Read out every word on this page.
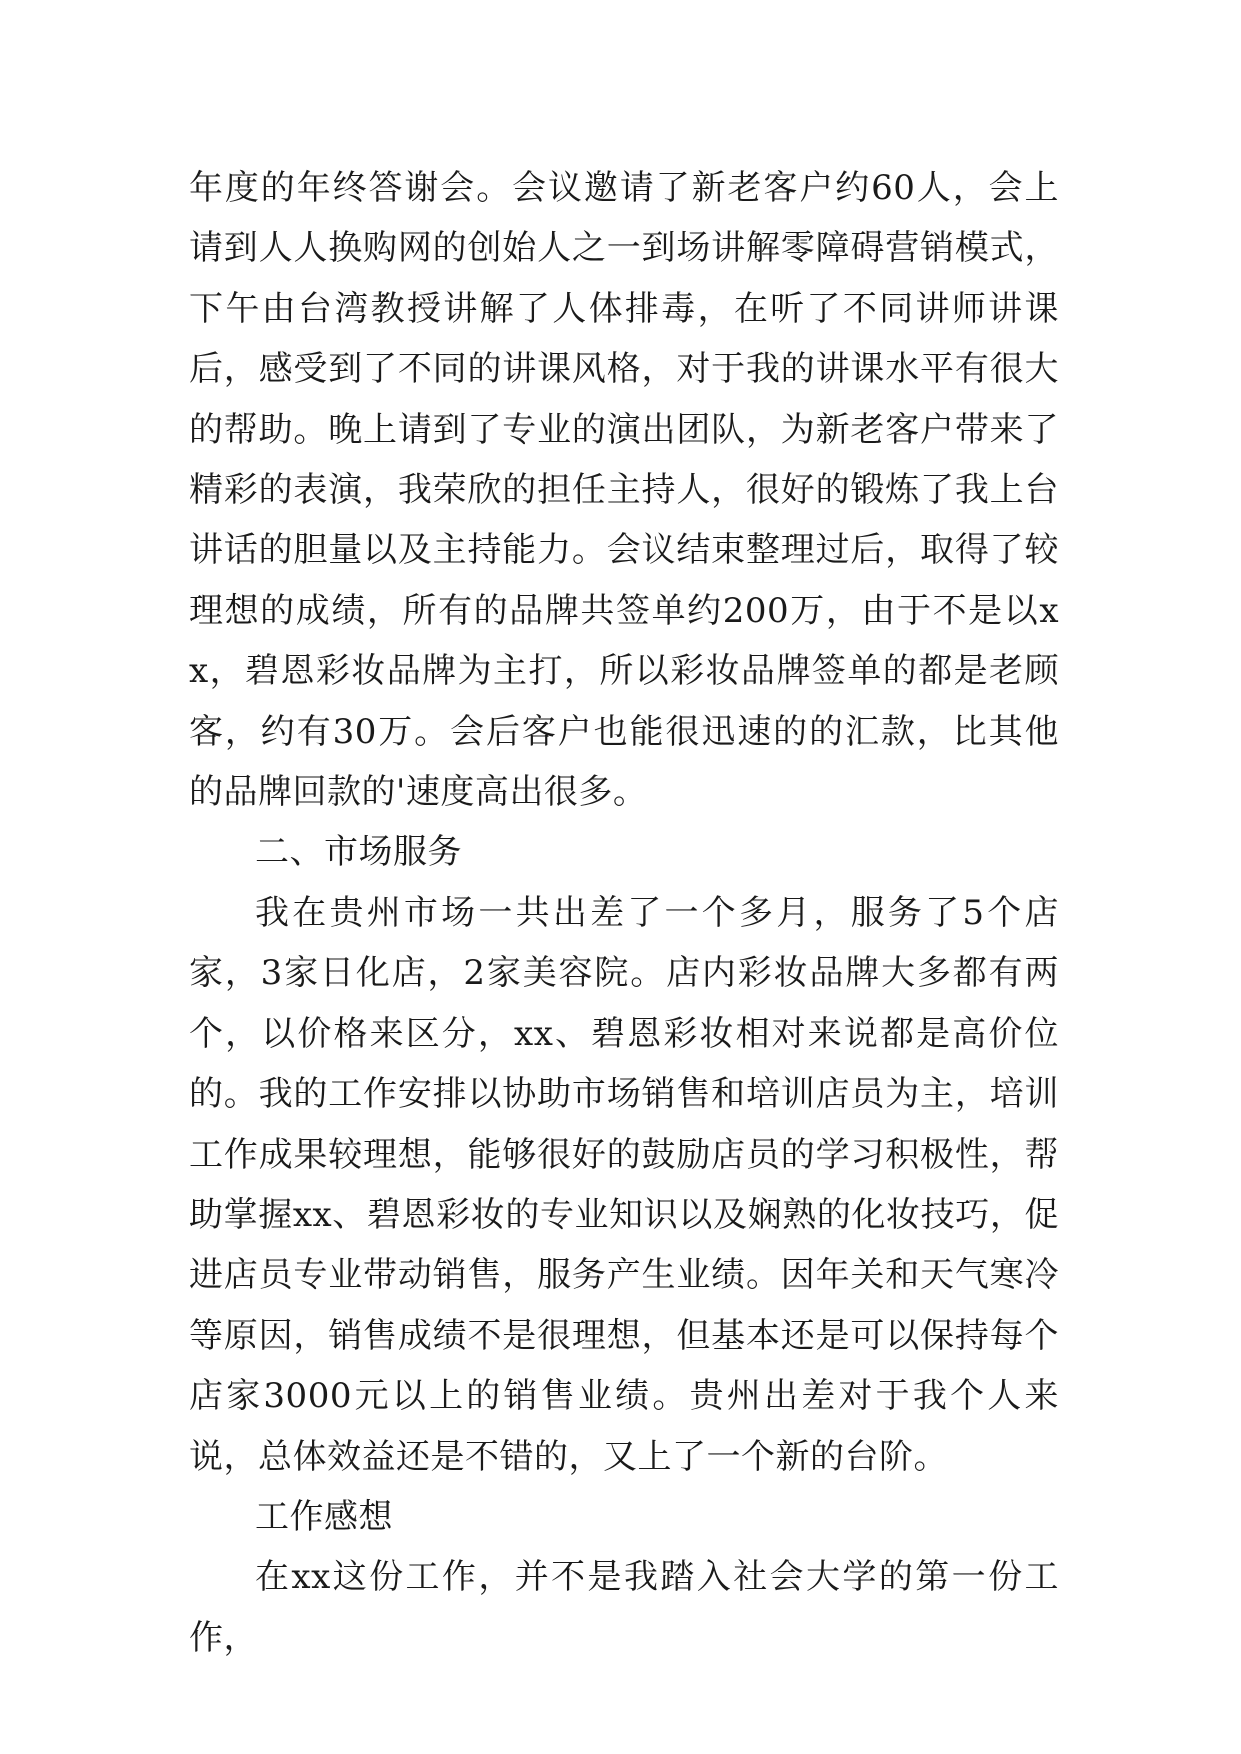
年度的年终答谢会。会议邀请了新老客户约60人，会上请到人人换购网的创始人之一到场讲解零障碍营销模式，下午由台湾教授讲解了人体排毒，在听了不同讲师讲课后，感受到了不同的讲课风格，对于我的讲课水平有很大的帮助。晚上请到了专业的演出团队，为新老客户带来了精彩的表演，我荣欣的担任主持人，很好的锻炼了我上台讲话的胆量以及主持能力。会议结束整理过后，取得了较理想的成绩，所有的品牌共签单约200万，由于不是以xx，碧恩彩妆品牌为主打，所以彩妆品牌签单的都是老顾客，约有30万。会后客户也能很迅速的的汇款，比其他的品牌回款的'速度高出很多。

二、市场服务

我在贵州市场一共出差了一个多月，服务了5个店家，3家日化店，2家美容院。店内彩妆品牌大多都有两个，以价格来区分，xx、碧恩彩妆相对来说都是高价位的。我的工作安排以协助市场销售和培训店员为主，培训工作成果较理想，能够很好的鼓励店员的学习积极性，帮助掌握xx、碧恩彩妆的专业知识以及娴熟的化妆技巧，促进店员专业带动销售，服务产生业绩。因年关和天气寒冷等原因，销售成绩不是很理想，但基本还是可以保持每个店家3000元以上的销售业绩。贵州出差对于我个人来说，总体效益还是不错的，又上了一个新的台阶。

工作感想

在xx这份工作，并不是我踏入社会大学的第一份工作，
